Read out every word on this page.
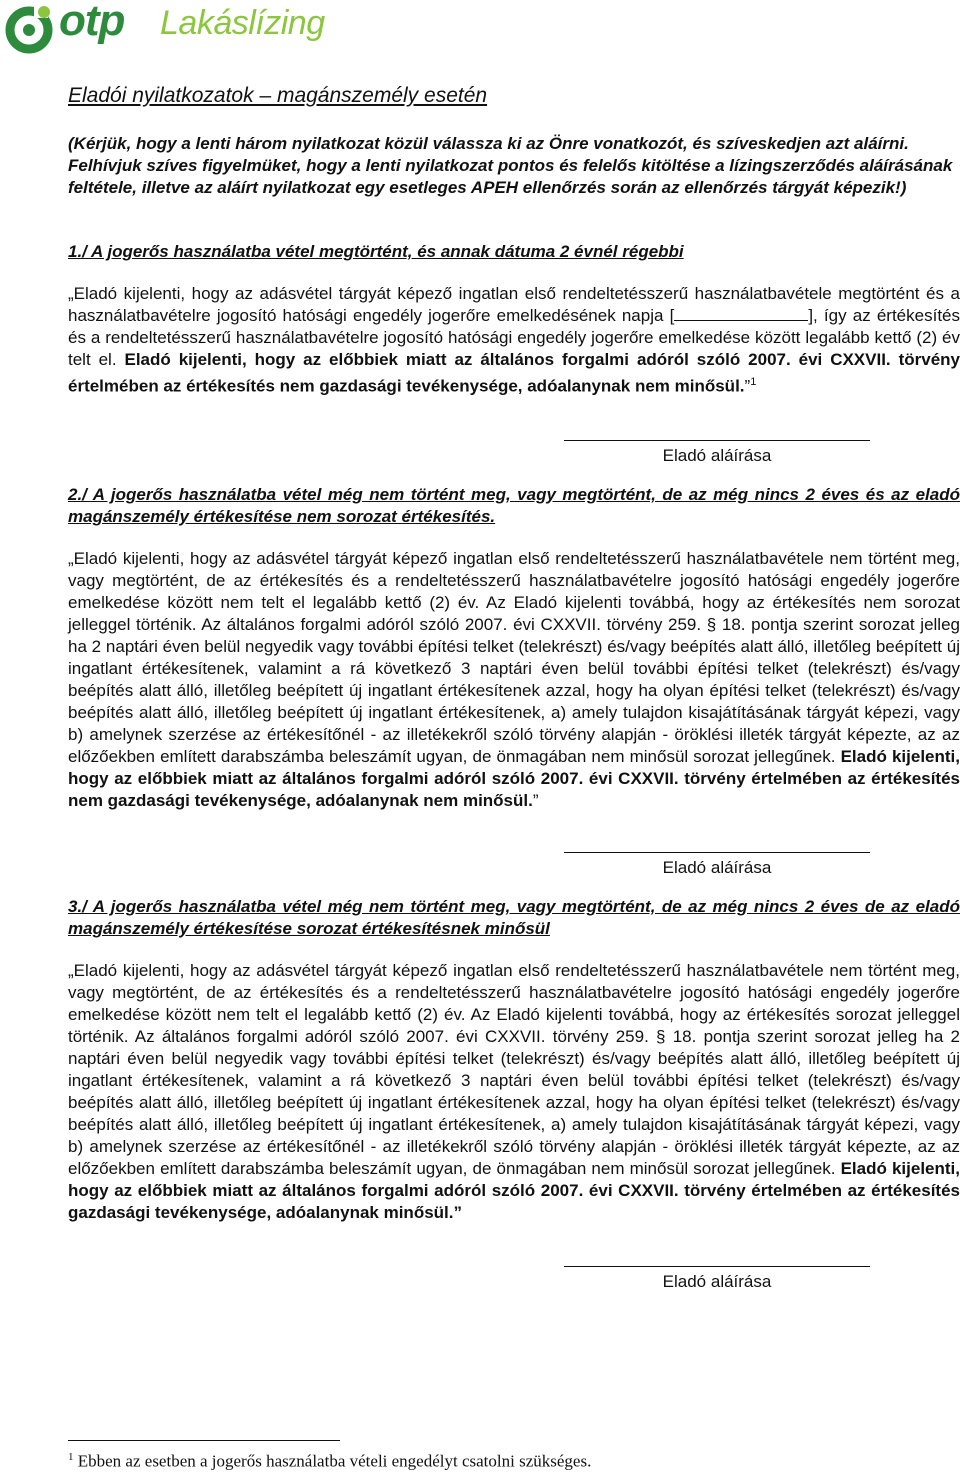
otp Lakáslízing
Eladói nyilatkozatok – magánszemély esetén

(Kérjük, hogy a lenti három nyilatkozat közül válassza ki az Önre vonatkozót, és szíveskedjen azt aláírni.
Felhívjuk szíves figyelmüket, hogy a lenti nyilatkozat pontos és felelős kitöltése a lízingszerződés aláírásának feltétele, illetve az aláírt nyilatkozat egy esetleges APEH ellenőrzés során az ellenőrzés tárgyát képezik!)

1./ A jogerős használatba vétel megtörtént, és annak dátuma 2 évnél régebbi

„Eladó kijelenti, hogy az adásvétel tárgyát képező ingatlan első rendeltetésszerű használatbavétele megtörtént és a használatbavételre jogosító hatósági engedély jogerőre emelkedésének napja [	], így az értékesítés és a rendeltetésszerű használatbavételre jogosító hatósági engedély jogerőre emelkedése között legalább kettő (2) év telt el. Eladó kijelenti, hogy az előbbiek miatt az általános forgalmi adóról szóló 2007. évi CXXVII. törvény értelmében az értékesítés nem gazdasági tevékenysége, adóalanynak nem minősül.”$^1$

Eladó aláírása
2./ A jogerős használatba vétel még nem történt meg, vagy megtörtént, de az még nincs 2 éves és az eladó magánszemély értékesítése nem sorozat értékesítés.

„Eladó kijelenti, hogy az adásvétel tárgyát képező ingatlan első rendeltetésszerű használatbavétele nem történt meg, vagy megtörtént, de az értékesítés és a rendeltetésszerű használatbavételre jogosító hatósági engedély jogerőre emelkedése között nem telt el legalább kettő (2) év. Az Eladó kijelenti továbbá, hogy az értékesítés nem sorozat jelleggel történik. Az általános forgalmi adóról szóló 2007. évi CXXVII. törvény 259. § 18. pontja szerint sorozat jelleg ha 2 naptári éven belül negyedik vagy további építési telket (telekrészt) és/vagy beépítés alatt álló, illetőleg beépített új ingatlant értékesítenek, valamint a rá következő 3 naptári éven belül további építési telket (telekrészt) és/vagy beépítés alatt álló, illetőleg beépített új ingatlant értékesítenek azzal, hogy ha olyan építési telket (telekrészt) és/vagy beépítés alatt álló, illetőleg beépített új ingatlant értékesítenek, a) amely tulajdon kisajátításának tárgyát képezi, vagy b) amelynek szerzése az értékesítőnél - az illetékekről szóló törvény alapján - öröklési illeték tárgyát képezte, az az előzőekben említett darabszámba beleszámít ugyan, de önmagában nem minősül sorozat jellegűnek. Eladó kijelenti, hogy az előbbiek miatt az általános forgalmi adóról szóló 2007. évi CXXVII. törvény értelmében az értékesítés nem gazdasági tevékenysége, adóalanynak nem minősül.”

Eladó aláírása
3./ A jogerős használatba vétel még nem történt meg, vagy megtörtént, de az még nincs 2 éves de az eladó magánszemély értékesítése sorozat értékesítésnek minősül

„Eladó kijelenti, hogy az adásvétel tárgyát képező ingatlan első rendeltetésszerű használatbavétele nem történt meg, vagy megtörtént, de az értékesítés és a rendeltetésszerű használatbavételre jogosító hatósági engedély jogerőre emelkedése között nem telt el legalább kettő (2) év. Az Eladó kijelenti továbbá, hogy az értékesítés sorozat jelleggel történik. Az általános forgalmi adóról szóló 2007. évi CXXVII. törvény 259. § 18. pontja szerint sorozat jelleg ha 2 naptári éven belül negyedik vagy további építési telket (telekrészt) és/vagy beépítés alatt álló, illetőleg beépített új ingatlant értékesítenek, valamint a rá következő 3 naptári éven belül további építési telket (telekrészt) és/vagy beépítés alatt álló, illetőleg beépített új ingatlant értékesítenek azzal, hogy ha olyan építési telket (telekrészt) és/vagy beépítés alatt álló, illetőleg beépített új ingatlant értékesítenek, a) amely tulajdon kisajátításának tárgyát képezi, vagy b) amelynek szerzése az értékesítőnél - az illetékekről szóló törvény alapján - öröklési illeték tárgyát képezte, az az előzőekben említett darabszámba beleszámít ugyan, de önmagában nem minősül sorozat jellegűnek. Eladó kijelenti, hogy az előbbiek miatt az általános forgalmi adóról szóló 2007. évi CXXVII. törvény értelmében az értékesítés gazdasági tevékenysége, adóalanynak minősül.”

Eladó aláírása
$^1$ Ebben az esetben a jogerős használatba vételi engedélyt csatolni szükséges.
